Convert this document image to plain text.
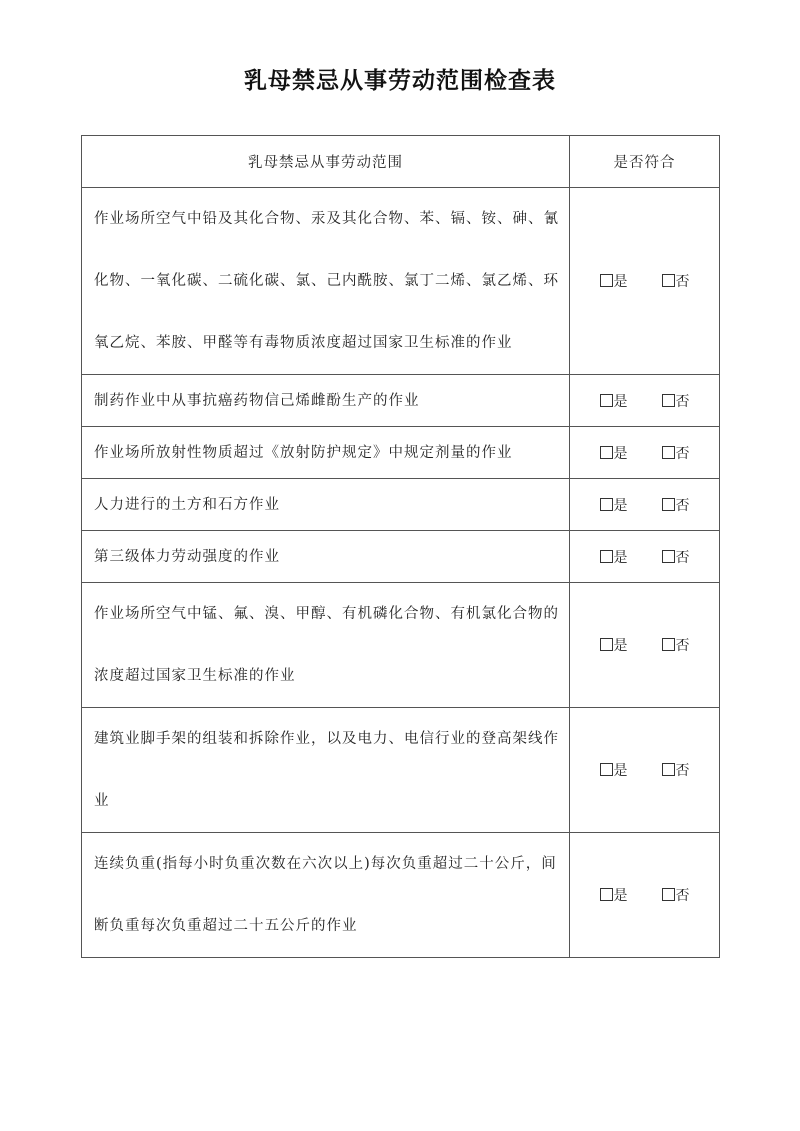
乳母禁忌从事劳动范围检查表
乳母禁忌从事劳动范围	是否符合

作业场所空气中铅及其化合物、汞及其化合物、苯、镉、铵、砷、氰化物、一氧化碳、二硫化碳、氯、己内酰胺、氯丁二烯、氯乙烯、环氧乙烷、苯胺、甲醛等有毒物质浓度超过国家卫生标准的作业	是 否

制药作业中从事抗癌药物信己烯雌酚生产的作业	是 否

作业场所放射性物质超过《放射防护规定》中规定剂量的作业	是 否

人力进行的土方和石方作业	是 否

第三级体力劳动强度的作业	是 否

作业场所空气中锰、氟、溴、甲醇、有机磷化合物、有机氯化合物的浓度超过国家卫生标准的作业	是 否

建筑业脚手架的组装和拆除作业，以及电力、电信行业的登高架线作业	是 否

连续负重(指每小时负重次数在六次以上)每次负重超过二十公斤，间断负重每次负重超过二十五公斤的作业	是 否
